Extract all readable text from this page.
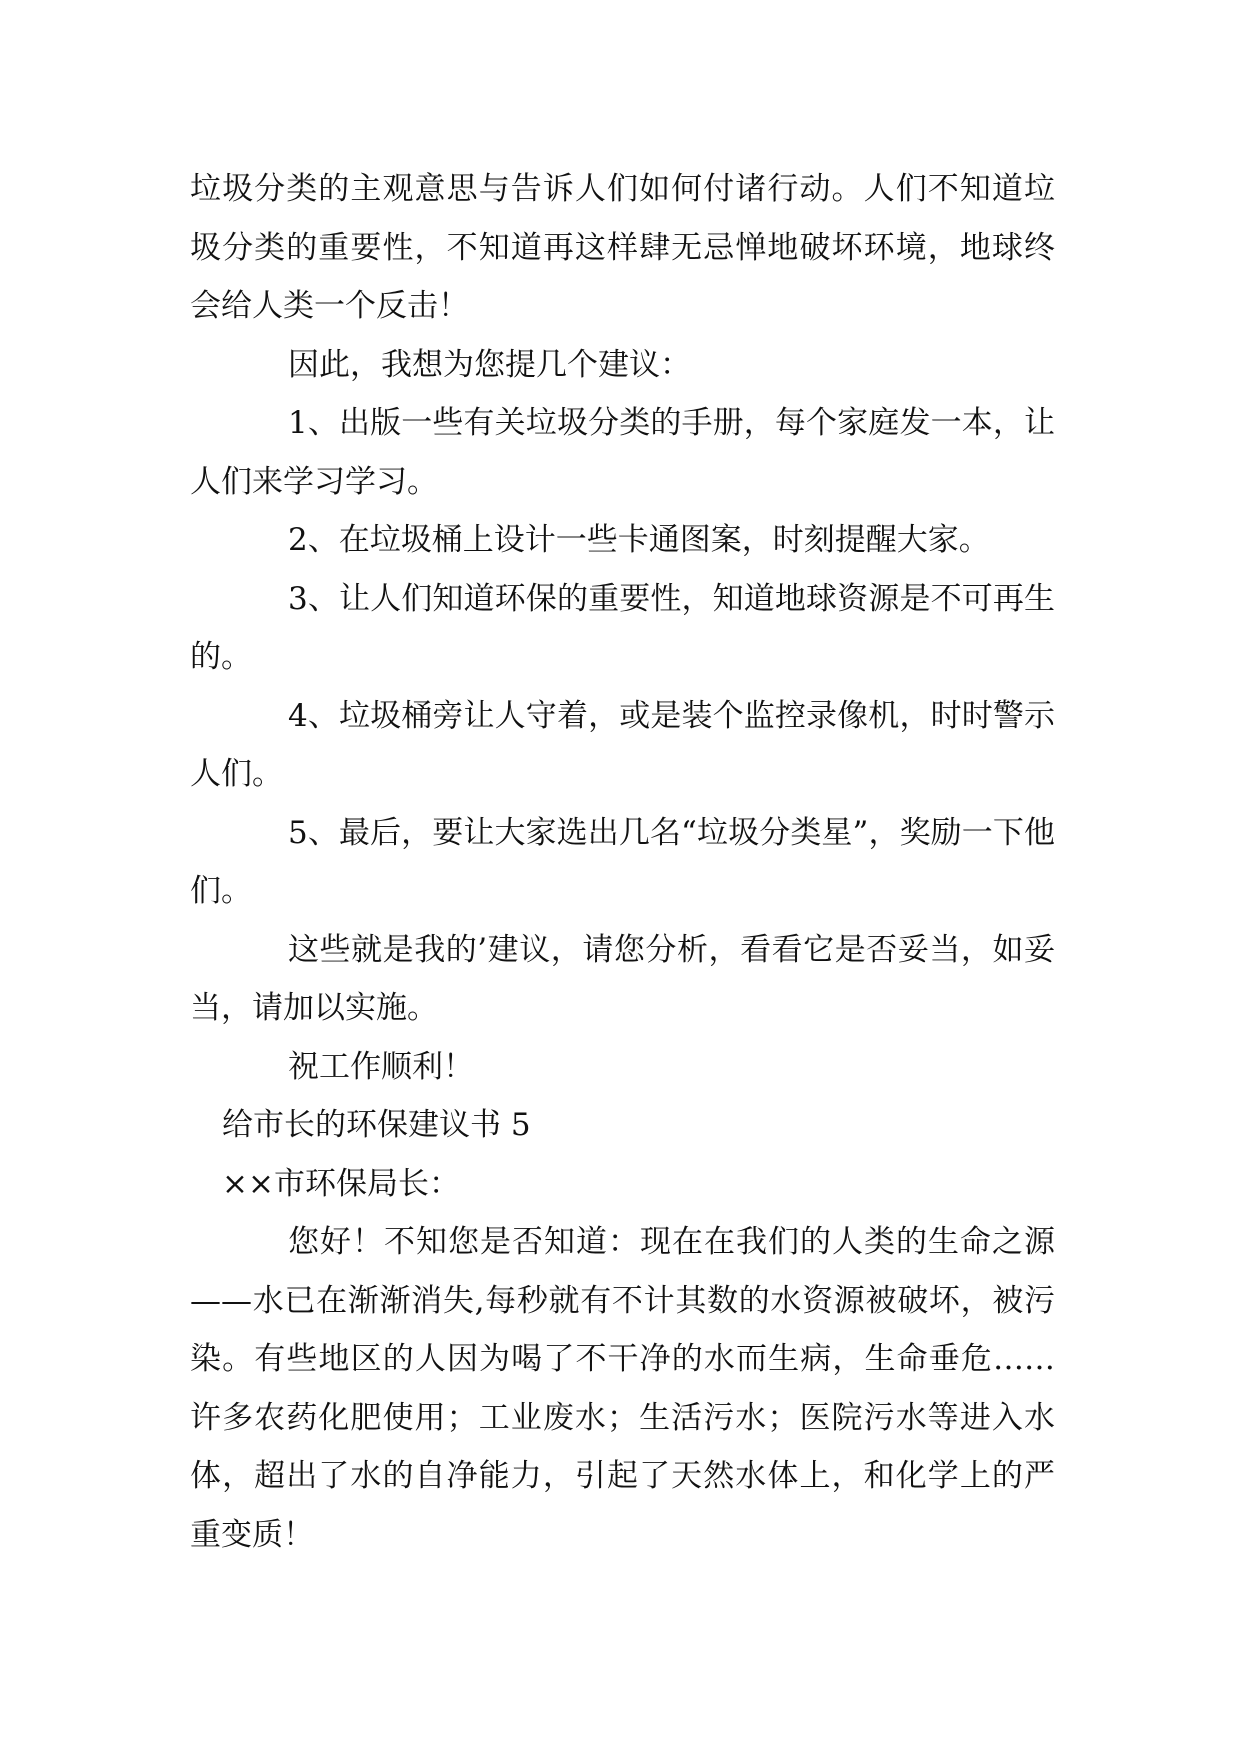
垃圾分类的主观意思与告诉人们如何付诸行动。人们不知道垃圾分类的重要性，不知道再这样肆无忌惮地破坏环境，地球终会给人类一个反击！

因此，我想为您提几个建议：

1、出版一些有关垃圾分类的手册，每个家庭发一本，让人们来学习学习。

2、在垃圾桶上设计一些卡通图案，时刻提醒大家。

3、让人们知道环保的重要性，知道地球资源是不可再生的。

4、垃圾桶旁让人守着，或是装个监控录像机，时时警示人们。

5、最后，要让大家选出几名“垃圾分类星”，奖励一下他们。

这些就是我的’建议，请您分析，看看它是否妥当，如妥当，请加以实施。

祝工作顺利！

给市长的环保建议书 5

××市环保局长：

您好！不知您是否知道：现在在我们的人类的生命之源——水已在渐渐消失,每秒就有不计其数的水资源被破坏，被污染。有些地区的人因为喝了不干净的水而生病，生命垂危……许多农药化肥使用；工业废水；生活污水；医院污水等进入水体，超出了水的自净能力，引起了天然水体上，和化学上的严重变质！
